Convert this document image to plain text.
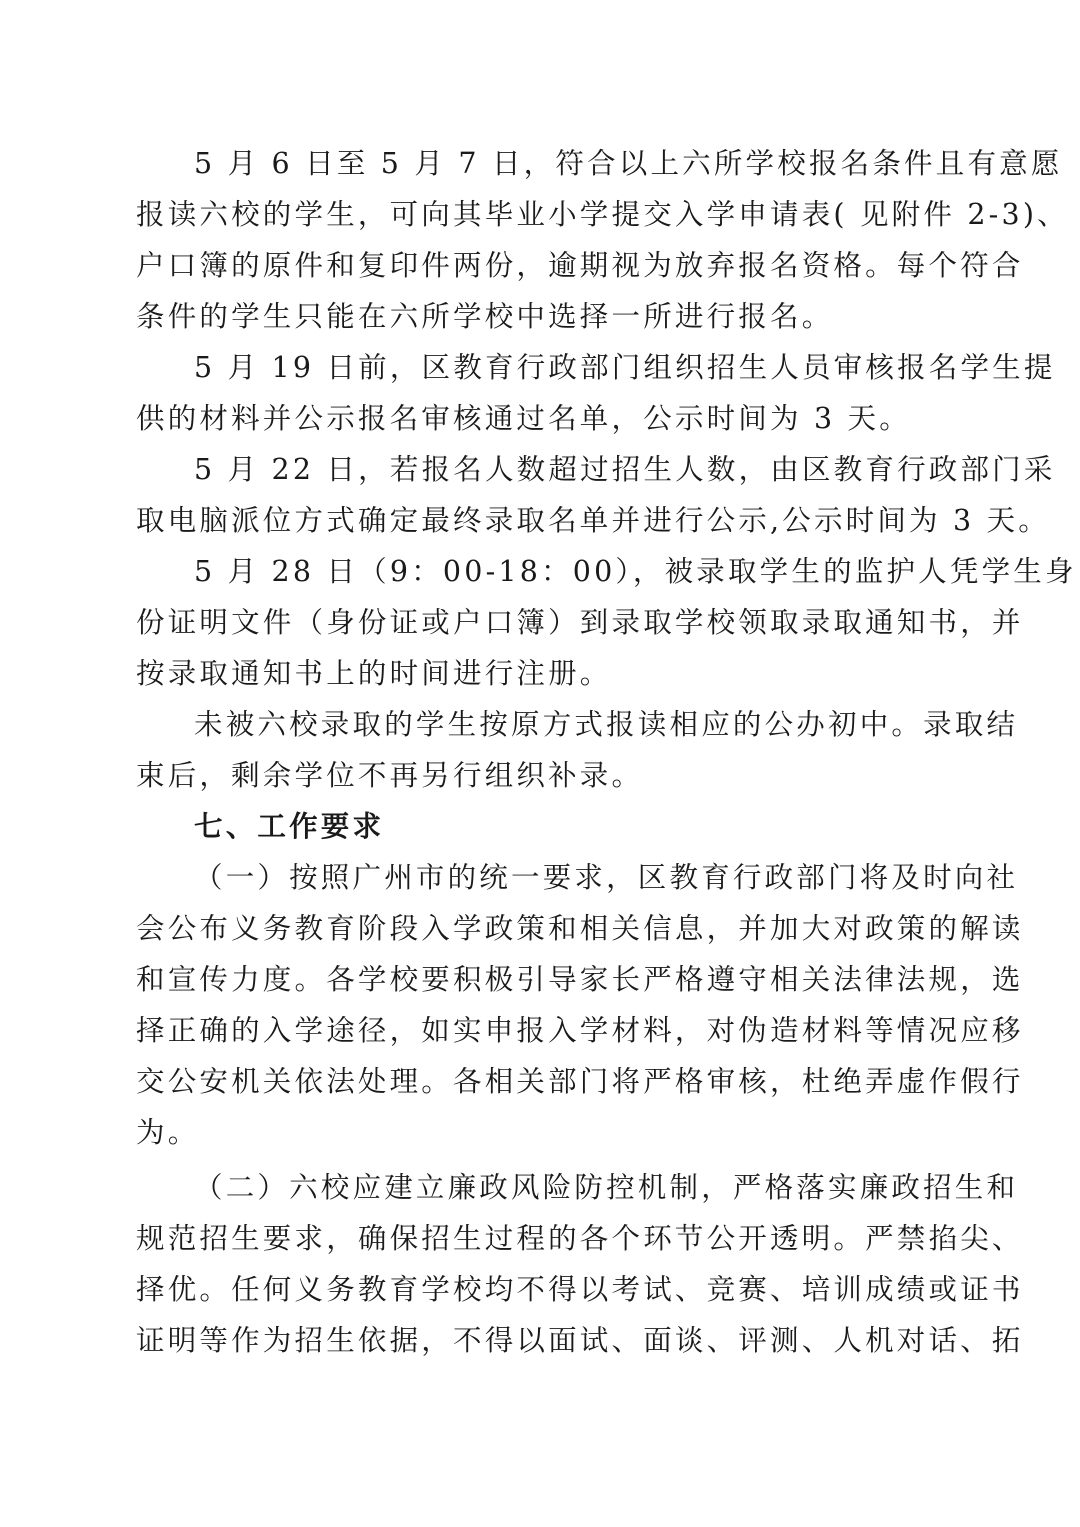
5 月 6 日至 5 月 7 日，符合以上六所学校报名条件且有意愿
报读六校的学生，可向其毕业小学提交入学申请表( 见附件 2-3)、
户口簿的原件和复印件两份，逾期视为放弃报名资格。每个符合
条件的学生只能在六所学校中选择一所进行报名。
5 月 19 日前，区教育行政部门组织招生人员审核报名学生提
供的材料并公示报名审核通过名单，公示时间为 3 天。
5 月 22 日，若报名人数超过招生人数，由区教育行政部门采
取电脑派位方式确定最终录取名单并进行公示,公示时间为 3 天。
5 月 28 日（9：00-18：00），被录取学生的监护人凭学生身
份证明文件（身份证或户口簿）到录取学校领取录取通知书，并
按录取通知书上的时间进行注册。
未被六校录取的学生按原方式报读相应的公办初中。录取结
束后，剩余学位不再另行组织补录。
七、工作要求
（一）按照广州市的统一要求，区教育行政部门将及时向社
会公布义务教育阶段入学政策和相关信息，并加大对政策的解读
和宣传力度。各学校要积极引导家长严格遵守相关法律法规，选
择正确的入学途径，如实申报入学材料，对伪造材料等情况应移
交公安机关依法处理。各相关部门将严格审核，杜绝弄虚作假行
为。
（二）六校应建立廉政风险防控机制，严格落实廉政招生和
规范招生要求，确保招生过程的各个环节公开透明。严禁掐尖、
择优。任何义务教育学校均不得以考试、竞赛、培训成绩或证书
证明等作为招生依据，不得以面试、面谈、评测、人机对话、拓
